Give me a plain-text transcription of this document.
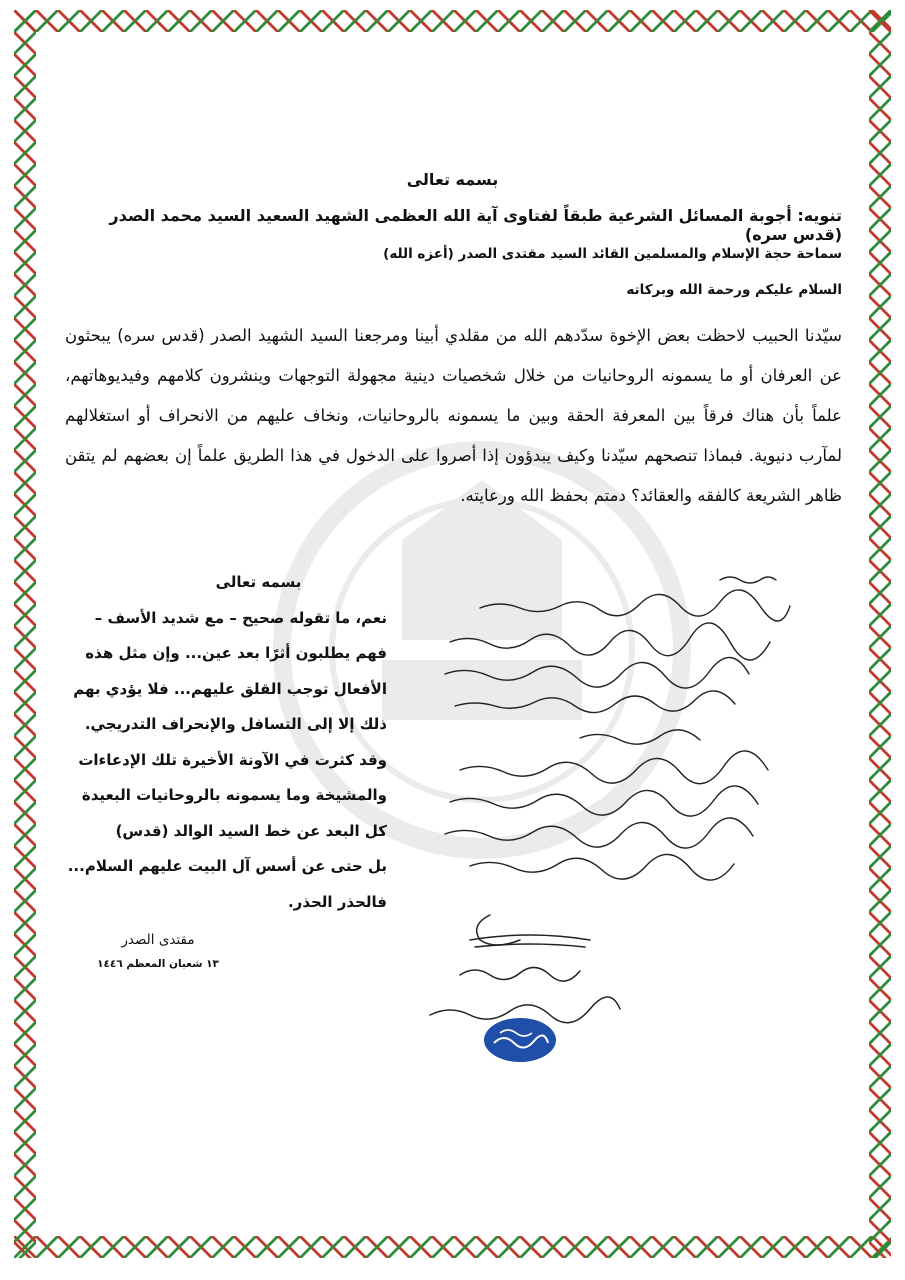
بسمه تعالى
تنويه: أجوبة المسائل الشرعية طبقاً لفتاوى آية الله العظمى الشهيد السعيد السيد محمد الصدر (قدس سره)
سماحة حجة الإسلام والمسلمين القائد السيد مقتدى الصدر (أعزه الله)
السلام عليكم ورحمة الله وبركاته
سيّدنا الحبيب لاحظت بعض الإخوة سدّدهم الله من مقلدي أبينا ومرجعنا السيد الشهيد الصدر (قدس سره) يبحثون عن العرفان أو ما يسمونه الروحانيات من خلال شخصيات دينية مجهولة التوجهات وينشرون كلامهم وفيديوهاتهم، علماً بأن هناك فرقاً بين المعرفة الحقة وبين ما يسمونه بالروحانيات، ونخاف عليهم من الانحراف أو استغلالهم لمآرب دنيوية. فبماذا تنصحهم سيّدنا وكيف يبدؤون إذا أصروا على الدخول في هذا الطريق علماً إن بعضهم لم يتقن ظاهر الشريعة كالفقه والعقائد؟ دمتم بحفظ الله ورعايته.
بسمه تعالى
نعم، ما تقوله صحيح – مع شديد الأسف –
فهم يطلبون أثرًا بعد عين... وإن مثل هذه
الأفعال توجب القلق عليهم... فلا يؤدي بهم
ذلك إلا إلى التسافل والإنحراف التدريجي.
وقد كثرت في الآونة الأخيرة تلك الإدعاءات
والمشيخة وما يسمونه بالروحانيات البعيدة
كل البعد عن خط السيد الوالد (قدس)
بل حتى عن أسس آل البيت عليهم السلام...
فالحذر الحذر.
مقتدى الصدر
١٣ شعبان المعظم ١٤٤٦
